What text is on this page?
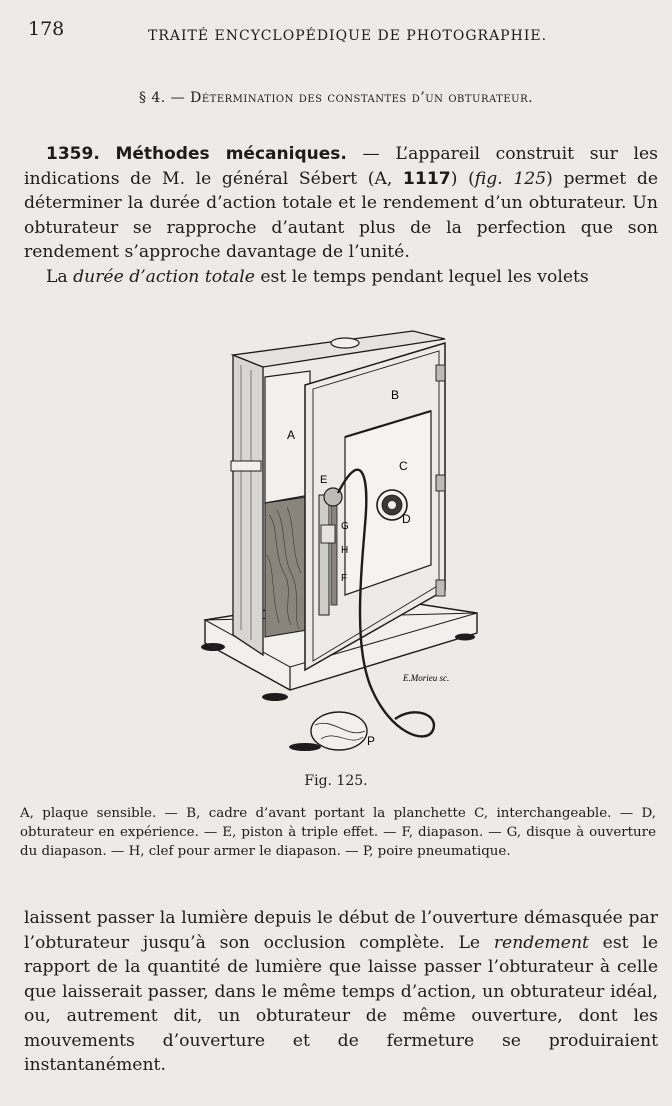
178	TRAITÉ ENCYCLOPÉDIQUE DE PHOTOGRAPHIE.
§ 4. — Détermination des constantes d’un obturateur.

1359. Méthodes mécaniques. — L’appareil construit sur les indications de M. le général Sébert (A, 1117) (fig. 125) permet de déterminer la durée d’action totale et le rendement d’un obturateur. Un obturateur se rapproche d’autant plus de la perfection que son rendement s’approche davantage de l’unité.

La durée d’action totale est le temps pendant lequel les volets

B
A
C
D
E
G
H
F
P
E.Morieu sc.
Fig. 125.
A, plaque sensible. — B, cadre d’avant portant la planchette C, interchangeable. — D, obturateur en expérience. — E, piston à triple effet. — F, diapason. — G, disque à ouverture du diapason. — H, clef pour armer le diapason. — P, poire pneumatique.

laissent passer la lumière depuis le début de l’ouverture démasquée par l’obturateur jusqu’à son occlusion complète. Le rendement est le rapport de la quantité de lumière que laisse passer l’obturateur à celle que laisserait passer, dans le même temps d’action, un obturateur idéal, ou, autrement dit, un obturateur de même ouverture, dont les mouvements d’ouverture et de fermeture se produiraient instantanément.
